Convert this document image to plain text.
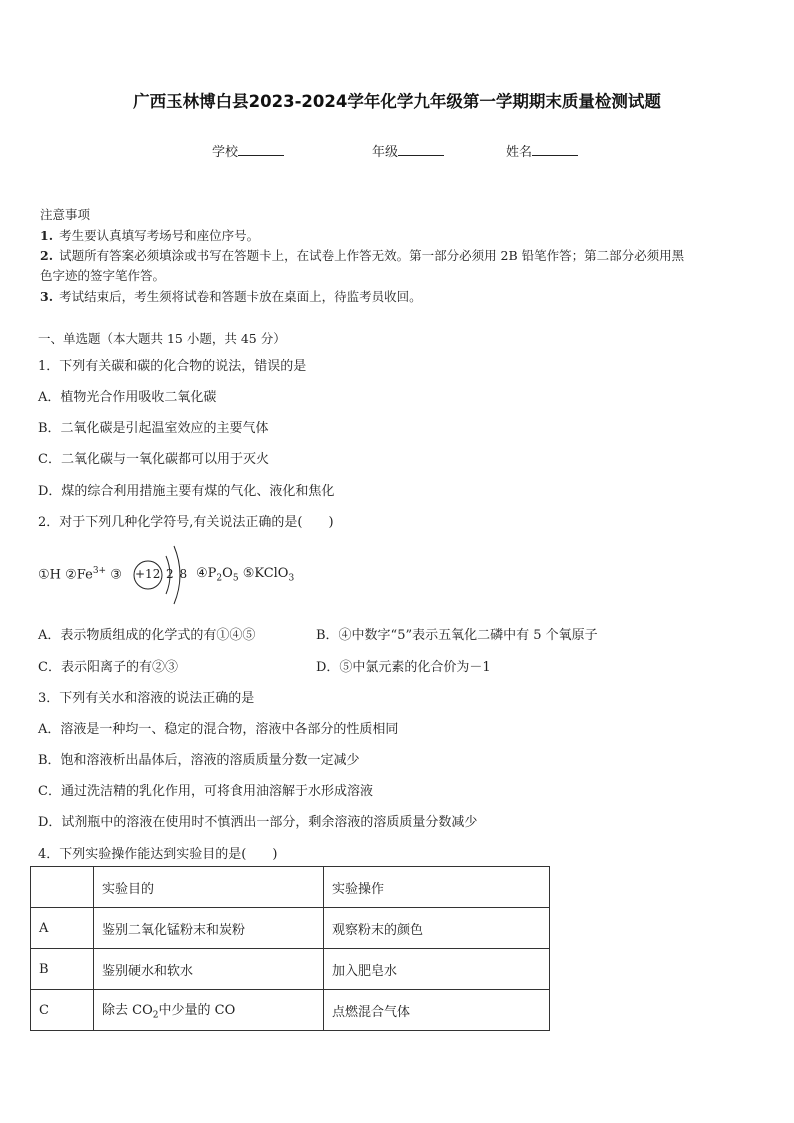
广西玉林博白县2023-2024学年化学九年级第一学期期末质量检测试题
学校	年级	姓名
注意事项
1. 考生要认真填写考场号和座位序号。
2. 试题所有答案必须填涂或书写在答题卡上，在试卷上作答无效。第一部分必须用 2B 铅笔作答；第二部分必须用黑
色字迹的签字笔作答。
3. 考试结束后，考生须将试卷和答题卡放在桌面上，待监考员收回。
一、单选题（本大题共 15 小题，共 45 分）
1．下列有关碳和碳的化合物的说法，错误的是
A．植物光合作用吸收二氧化碳
B．二氧化碳是引起温室效应的主要气体
C．二氧化碳与一氧化碳都可以用于灭火
D．煤的综合利用措施主要有煤的气化、液化和焦化
2．对于下列几种化学符号,有关说法正确的是(　　)
①H $②Fe^{3+}$ ③ +12 2 8 $④P_2O_5$ ⑤KClO$_3$
A．表示物质组成的化学式的有①④⑤	B．④中数字“5”表示五氧化二磷中有 5 个氧原子
C．表示阳离子的有②③	D．⑤中氯元素的化合价为－1
3．下列有关水和溶液的说法正确的是
A．溶液是一种均一、稳定的混合物，溶液中各部分的性质相同
B．饱和溶液析出晶体后，溶液的溶质质量分数一定减少
C．通过洗洁精的乳化作用，可将食用油溶解于水形成溶液
D．试剂瓶中的溶液在使用时不慎洒出一部分，剩余溶液的溶质质量分数减少
4．下列实验操作能达到实验目的是(　　)
	实验目的	实验操作
A	鉴别二氧化锰粉末和炭粉	观察粉末的颜色
B	鉴别硬水和软水	加入肥皂水
C	除去 $CO_2$中少量的 CO	点燃混合气体
